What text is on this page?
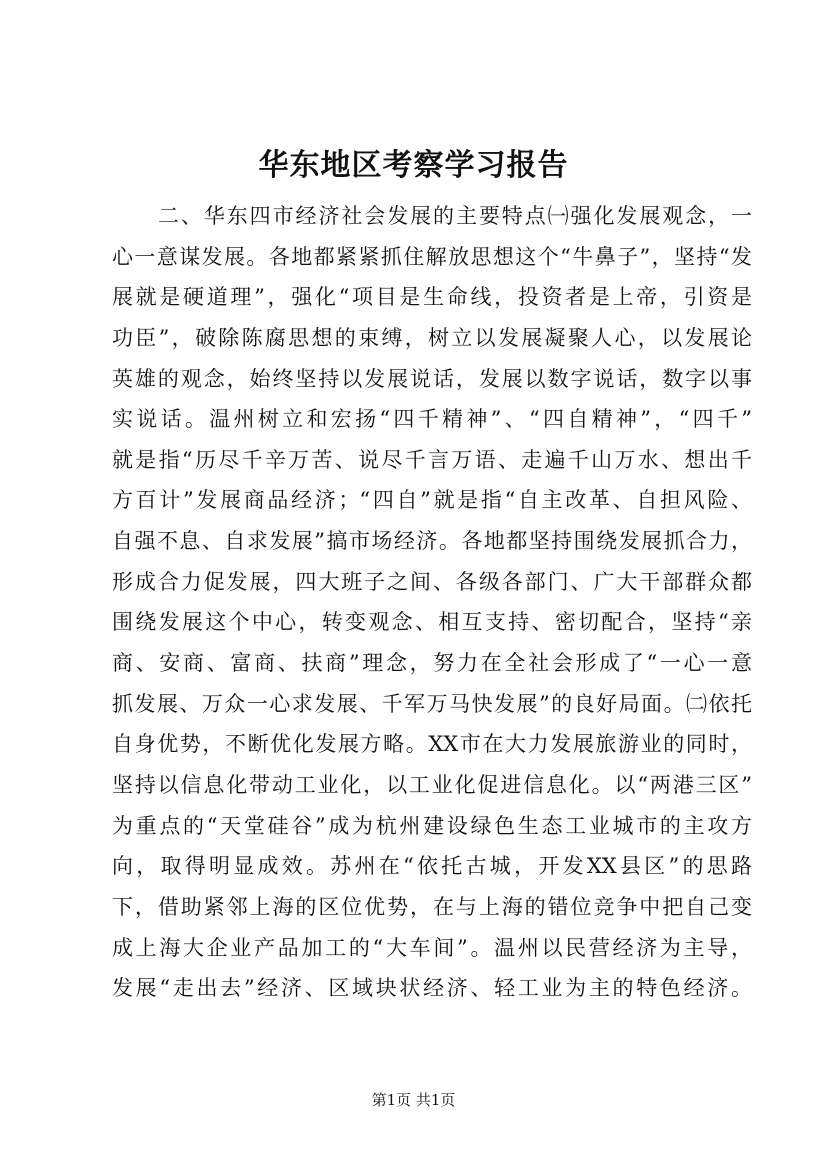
华东地区考察学习报告
二、华东四市经济社会发展的主要特点㈠强化发展观念，一
心一意谋发展。各地都紧紧抓住解放思想这个“牛鼻子”，坚持“发
展就是硬道理”，强化“项目是生命线，投资者是上帝，引资是
功臣”，破除陈腐思想的束缚，树立以发展凝聚人心，以发展论
英雄的观念，始终坚持以发展说话，发展以数字说话，数字以事
实说话。温州树立和宏扬“四千精神”、“四自精神”，“四千”
就是指“历尽千辛万苦、说尽千言万语、走遍千山万水、想出千
方百计”发展商品经济；“四自”就是指“自主改革、自担风险、
自强不息、自求发展”搞市场经济。各地都坚持围绕发展抓合力，
形成合力促发展，四大班子之间、各级各部门、广大干部群众都
围绕发展这个中心，转变观念、相互支持、密切配合，坚持“亲
商、安商、富商、扶商”理念，努力在全社会形成了“一心一意
抓发展、万众一心求发展、千军万马快发展”的良好局面。㈡依托
自身优势，不断优化发展方略。XX市在大力发展旅游业的同时，
坚持以信息化带动工业化，以工业化促进信息化。以“两港三区”
为重点的“天堂硅谷”成为杭州建设绿色生态工业城市的主攻方
向，取得明显成效。苏州在“依托古城，开发XX县区”的思路
下，借助紧邻上海的区位优势，在与上海的错位竞争中把自己变
成上海大企业产品加工的“大车间”。温州以民营经济为主导，
发展“走出去”经济、区域块状经济、轻工业为主的特色经济。
第1页 共1页
